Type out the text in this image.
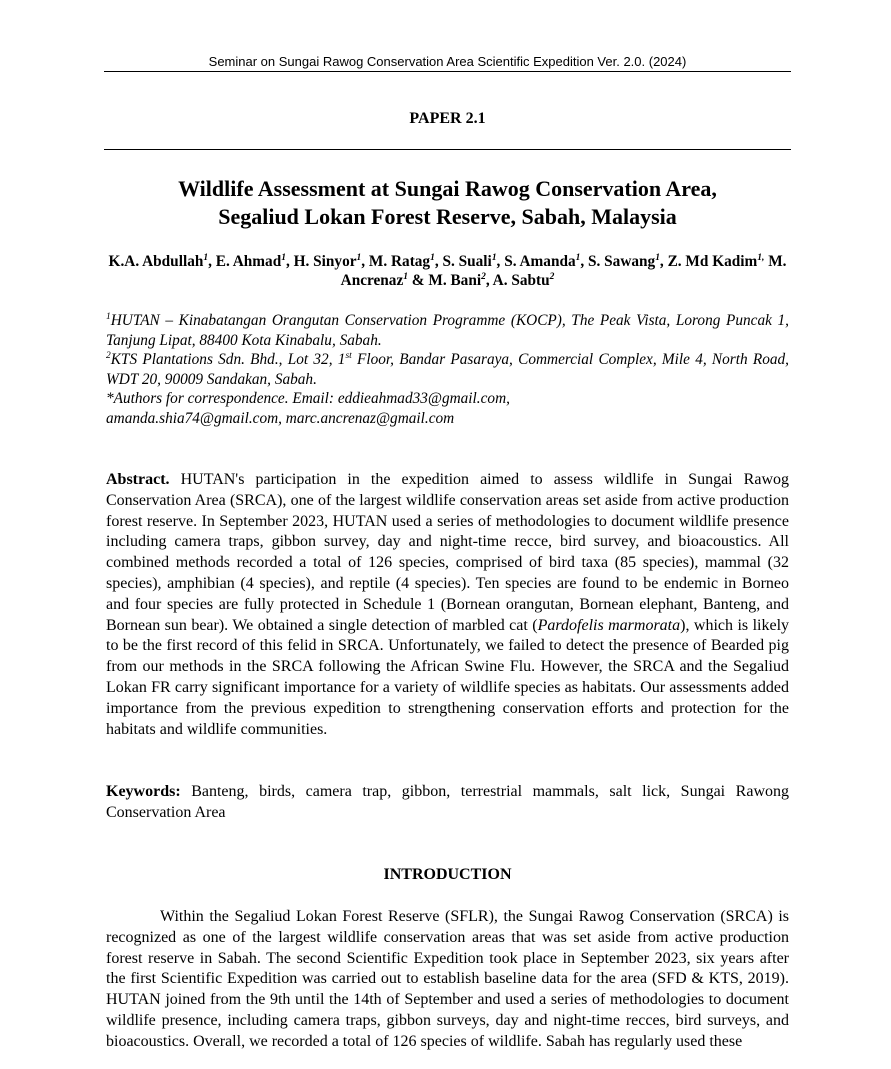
Seminar on Sungai Rawog Conservation Area Scientific Expedition Ver. 2.0. (2024)
PAPER 2.1
Wildlife Assessment at Sungai Rawog Conservation Area,
Segaliud Lokan Forest Reserve, Sabah, Malaysia
K.A. Abdullah$^1$, E. Ahmad$^1$, H. Sinyor$^1$, M. Ratag$^1$, S. Suali$^1$, S. Amanda$^1$, S. Sawang$^1$, Z. Md Kadim$^{1,}$ M. Ancrenaz$^1$ & M. Bani$^2$, A. Sabtu$^2$

$^1$HUTAN – Kinabatangan Orangutan Conservation Programme (KOCP), The Peak Vista, Lorong Puncak 1, Tanjung Lipat, 88400 Kota Kinabalu, Sabah.

$^2$KTS Plantations Sdn. Bhd., Lot 32, 1st Floor, Bandar Pasaraya, Commercial Complex, Mile 4, North Road, WDT 20, 90009 Sandakan, Sabah.

*Authors for correspondence. Email: eddieahmad33@gmail.com,

amanda.shia74@gmail.com, marc.ancrenaz@gmail.com

Abstract. HUTAN's participation in the expedition aimed to assess wildlife in Sungai Rawog Conservation Area (SRCA), one of the largest wildlife conservation areas set aside from active production forest reserve. In September 2023, HUTAN used a series of methodologies to document wildlife presence including camera traps, gibbon survey, day and night-time recce, bird survey, and bioacoustics. All combined methods recorded a total of 126 species, comprised of bird taxa (85 species), mammal (32 species), amphibian (4 species), and reptile (4 species). Ten species are found to be endemic in Borneo and four species are fully protected in Schedule 1 (Bornean orangutan, Bornean elephant, Banteng, and Bornean sun bear). We obtained a single detection of marbled cat (Pardofelis marmorata), which is likely to be the first record of this felid in SRCA. Unfortunately, we failed to detect the presence of Bearded pig from our methods in the SRCA following the African Swine Flu. However, the SRCA and the Segaliud Lokan FR carry significant importance for a variety of wildlife species as habitats. Our assessments added importance from the previous expedition to strengthening conservation efforts and protection for the habitats and wildlife communities.
Keywords: Banteng, birds, camera trap, gibbon, terrestrial mammals, salt lick, Sungai Rawong Conservation Area
INTRODUCTION

Within the Segaliud Lokan Forest Reserve (SFLR), the Sungai Rawog Conservation (SRCA) is recognized as one of the largest wildlife conservation areas that was set aside from active production forest reserve in Sabah. The second Scientific Expedition took place in September 2023, six years after the first Scientific Expedition was carried out to establish baseline data for the area (SFD & KTS, 2019). HUTAN joined from the 9th until the 14th of September and used a series of methodologies to document wildlife presence, including camera traps, gibbon surveys, day and night-time recces, bird surveys, and bioacoustics. Overall, we recorded a total of 126 species of wildlife. Sabah has regularly used these
